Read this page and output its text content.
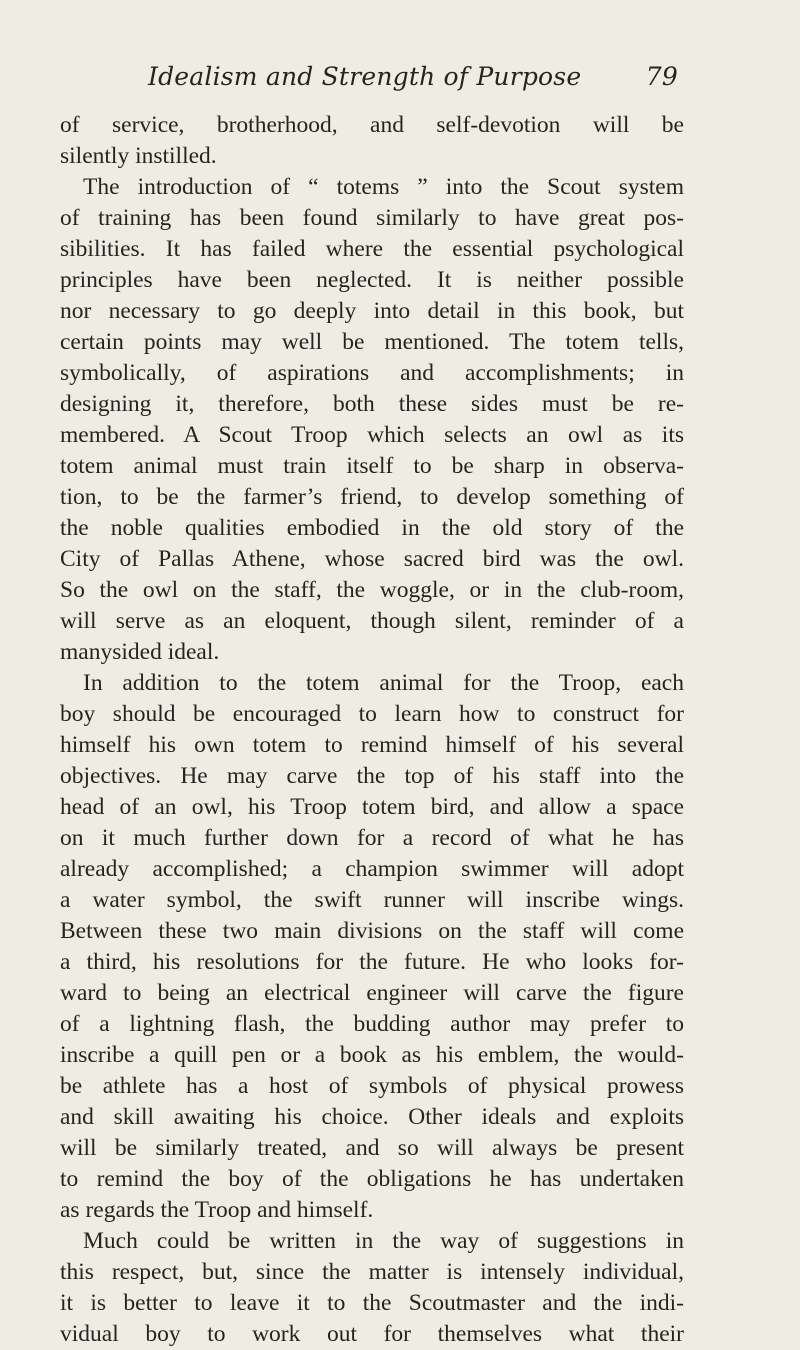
Idealism and Strength of Purpose	79
of service, brotherhood, and self-devotion will be
silently instilled.
The introduction of “ totems ” into the Scout system
of training has been found similarly to have great pos-
sibilities. It has failed where the essential psychological
principles have been neglected. It is neither possible
nor necessary to go deeply into detail in this book, but
certain points may well be mentioned. The totem tells,
symbolically, of aspirations and accomplishments; in
designing it, therefore, both these sides must be re-
membered. A Scout Troop which selects an owl as its
totem animal must train itself to be sharp in observa-
tion, to be the farmer’s friend, to develop something of
the noble qualities embodied in the old story of the
City of Pallas Athene, whose sacred bird was the owl.
So the owl on the staff, the woggle, or in the club-room,
will serve as an eloquent, though silent, reminder of a
manysided ideal.
In addition to the totem animal for the Troop, each
boy should be encouraged to learn how to construct for
himself his own totem to remind himself of his several
objectives. He may carve the top of his staff into the
head of an owl, his Troop totem bird, and allow a space
on it much further down for a record of what he has
already accomplished; a champion swimmer will adopt
a water symbol, the swift runner will inscribe wings.
Between these two main divisions on the staff will come
a third, his resolutions for the future. He who looks for-
ward to being an electrical engineer will carve the figure
of a lightning flash, the budding author may prefer to
inscribe a quill pen or a book as his emblem, the would-
be athlete has a host of symbols of physical prowess
and skill awaiting his choice. Other ideals and exploits
will be similarly treated, and so will always be present
to remind the boy of the obligations he has undertaken
as regards the Troop and himself.
Much could be written in the way of suggestions in
this respect, but, since the matter is intensely individual,
it is better to leave it to the Scoutmaster and the indi-
vidual boy to work out for themselves what their
